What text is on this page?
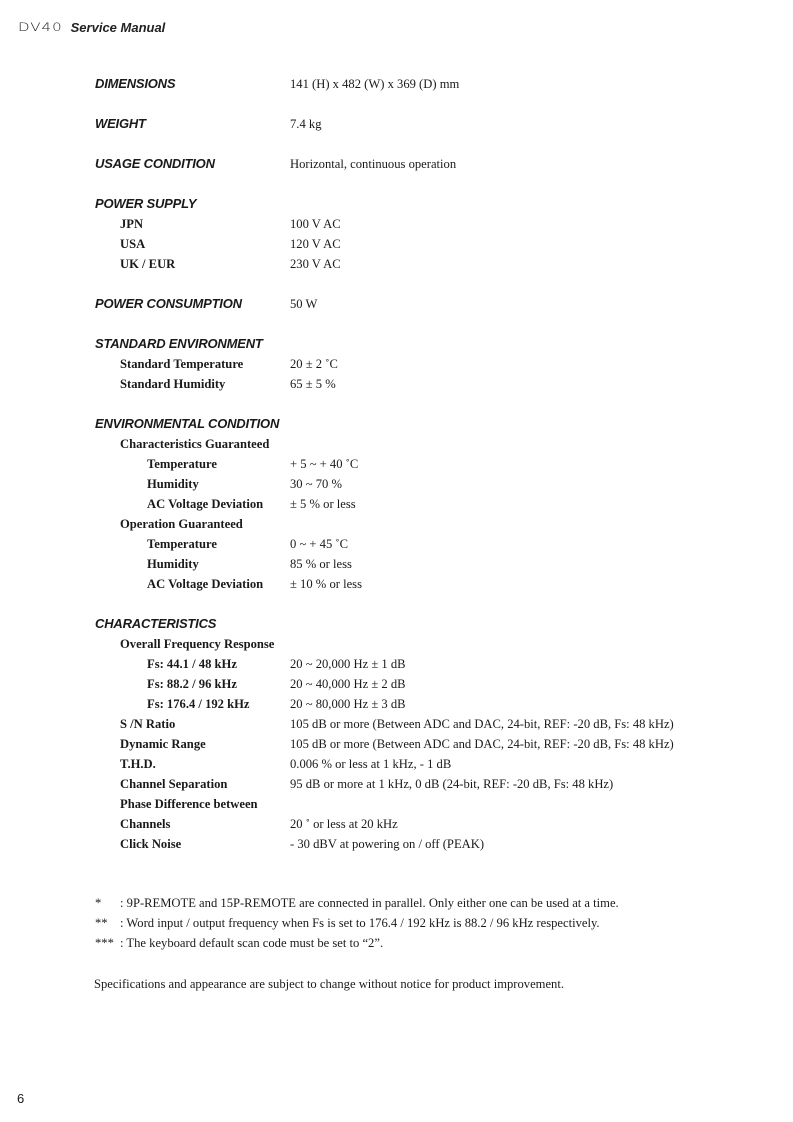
DV40 Service Manual
DIMENSIONS	141 (H) x 482 (W) x 369 (D) mm
WEIGHT	7.4 kg
USAGE CONDITION	Horizontal, continuous operation
POWER SUPPLY
JPN	100 V AC
USA	120 V AC
UK / EUR	230 V AC
POWER CONSUMPTION	50 W
STANDARD ENVIRONMENT
Standard Temperature	20 ± 2 ˚C
Standard Humidity	65 ± 5 %
ENVIRONMENTAL CONDITION
Characteristics Guaranteed
Temperature	+ 5 ~ + 40 ˚C
Humidity	30 ~ 70 %
AC Voltage Deviation ± 5 % or less
Operation Guaranteed
Temperature	0 ~ + 45 ˚C
Humidity	85 % or less
AC Voltage Deviation ± 10 % or less
CHARACTERISTICS
Overall Frequency Response
Fs: 44.1 / 48 kHz	20 ~ 20,000 Hz ± 1 dB
Fs: 88.2 / 96 kHz	20 ~ 40,000 Hz ± 2 dB
Fs: 176.4 / 192 kHz	20 ~ 80,000 Hz ± 3 dB
S /N Ratio	105 dB or more (Between ADC and DAC, 24-bit, REF: -20 dB, Fs: 48 kHz)
Dynamic Range	105 dB or more (Between ADC and DAC, 24-bit, REF: -20 dB, Fs: 48 kHz)
T.H.D.	0.006 % or less at 1 kHz, - 1 dB
Channel Separation	95 dB or more at 1 kHz, 0 dB (24-bit, REF: -20 dB, Fs: 48 kHz)
Phase Difference between
Channels	20 ˚ or less at 20 kHz
Click Noise	- 30 dBV at powering on / off (PEAK)
* : 9P-REMOTE and 15P-REMOTE are connected in parallel. Only either one can be used at a time.
** : Word input / output frequency when Fs is set to 176.4 / 192 kHz is 88.2 / 96 kHz respectively.
*** : The keyboard default scan code must be set to “2”.
Specifications and appearance are subject to change without notice for product improvement.
6
